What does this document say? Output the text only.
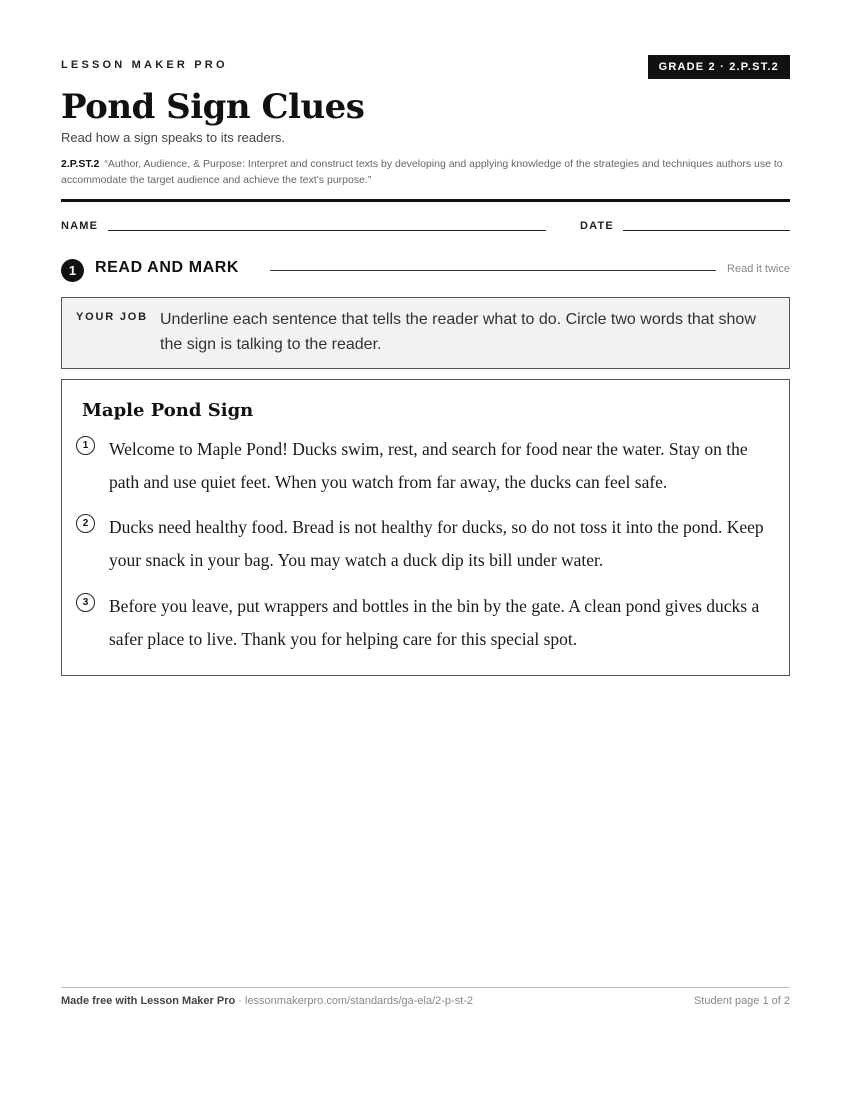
LESSON MAKER PRO	GRADE 2 · 2.P.ST.2
Pond Sign Clues
Read how a sign speaks to its readers.
2.P.ST.2 “Author, Audience, & Purpose: Interpret and construct texts by developing and applying knowledge of the strategies and techniques authors use to accommodate the target audience and achieve the text’s purpose.”
NAME	DATE
1	READ AND MARK	Read it twice
YOUR JOB Underline each sentence that tells the reader what to do. Circle two words that show the sign is talking to the reader.
Maple Pond Sign
1	Welcome to Maple Pond! Ducks swim, rest, and search for food near the water. Stay on the path and use quiet feet. When you watch from far away, the ducks can feel safe.
2	Ducks need healthy food. Bread is not healthy for ducks, so do not toss it into the pond. Keep your snack in your bag. You may watch a duck dip its bill under water.
3	Before you leave, put wrappers and bottles in the bin by the gate. A clean pond gives ducks a safer place to live. Thank you for helping care for this special spot.
Made free with Lesson Maker Pro · lessonmakerpro.com/standards/ga-ela/2-p-st-2	Student page 1 of 2
